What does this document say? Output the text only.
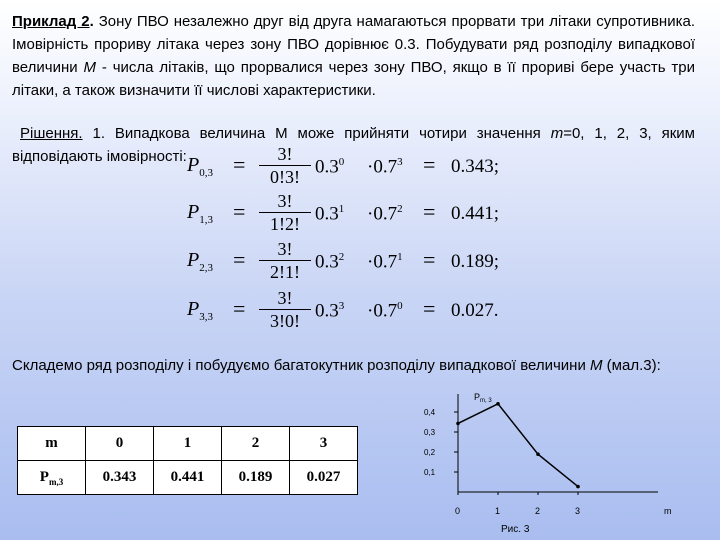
Приклад 2. Зону ПВО незалежно друг від друга намагаються прорвати три літаки супротивника. Імовірність прориву літака через зону ПВО дорівнює 0.3. Побудувати ряд розподілу випадкової величини M - числа літаків, що прорвалися через зону ПВО, якщо в її прориві бере участь три літаки, а також визначити її числові характеристики.
Рішення. 1. Випадкова величина M може прийняти чотири значення m=0, 1, 2, 3, яким відповідають імовірності: $P_{0,3}$ =	3!
0!3! $0.3^0 \cdot 0.7^3 = 0.343$;
$P_{1,3}$ =	3!
1!2! $0.3^1 \cdot 0.7^2 = 0.441$;
$P_{2,3}$ =	3!
2!1! $0.3^2 \cdot 0.7^1 = 0.189$;
$P_{3,3}$ =	3!
3!0! $0.3^3 \cdot 0.7^0 = 0.027$.
Складемо ряд розподілу і побудуємо багатокутник розподілу випадкової величини M (мал.3):
m	0	1	2	3
$P_{m,3}$	0.343	0.441	0.189	0.027
0	1	2	3
0,1
0,2
0,3
0,4
$P_{m, 3}$
m
Рис. 3
